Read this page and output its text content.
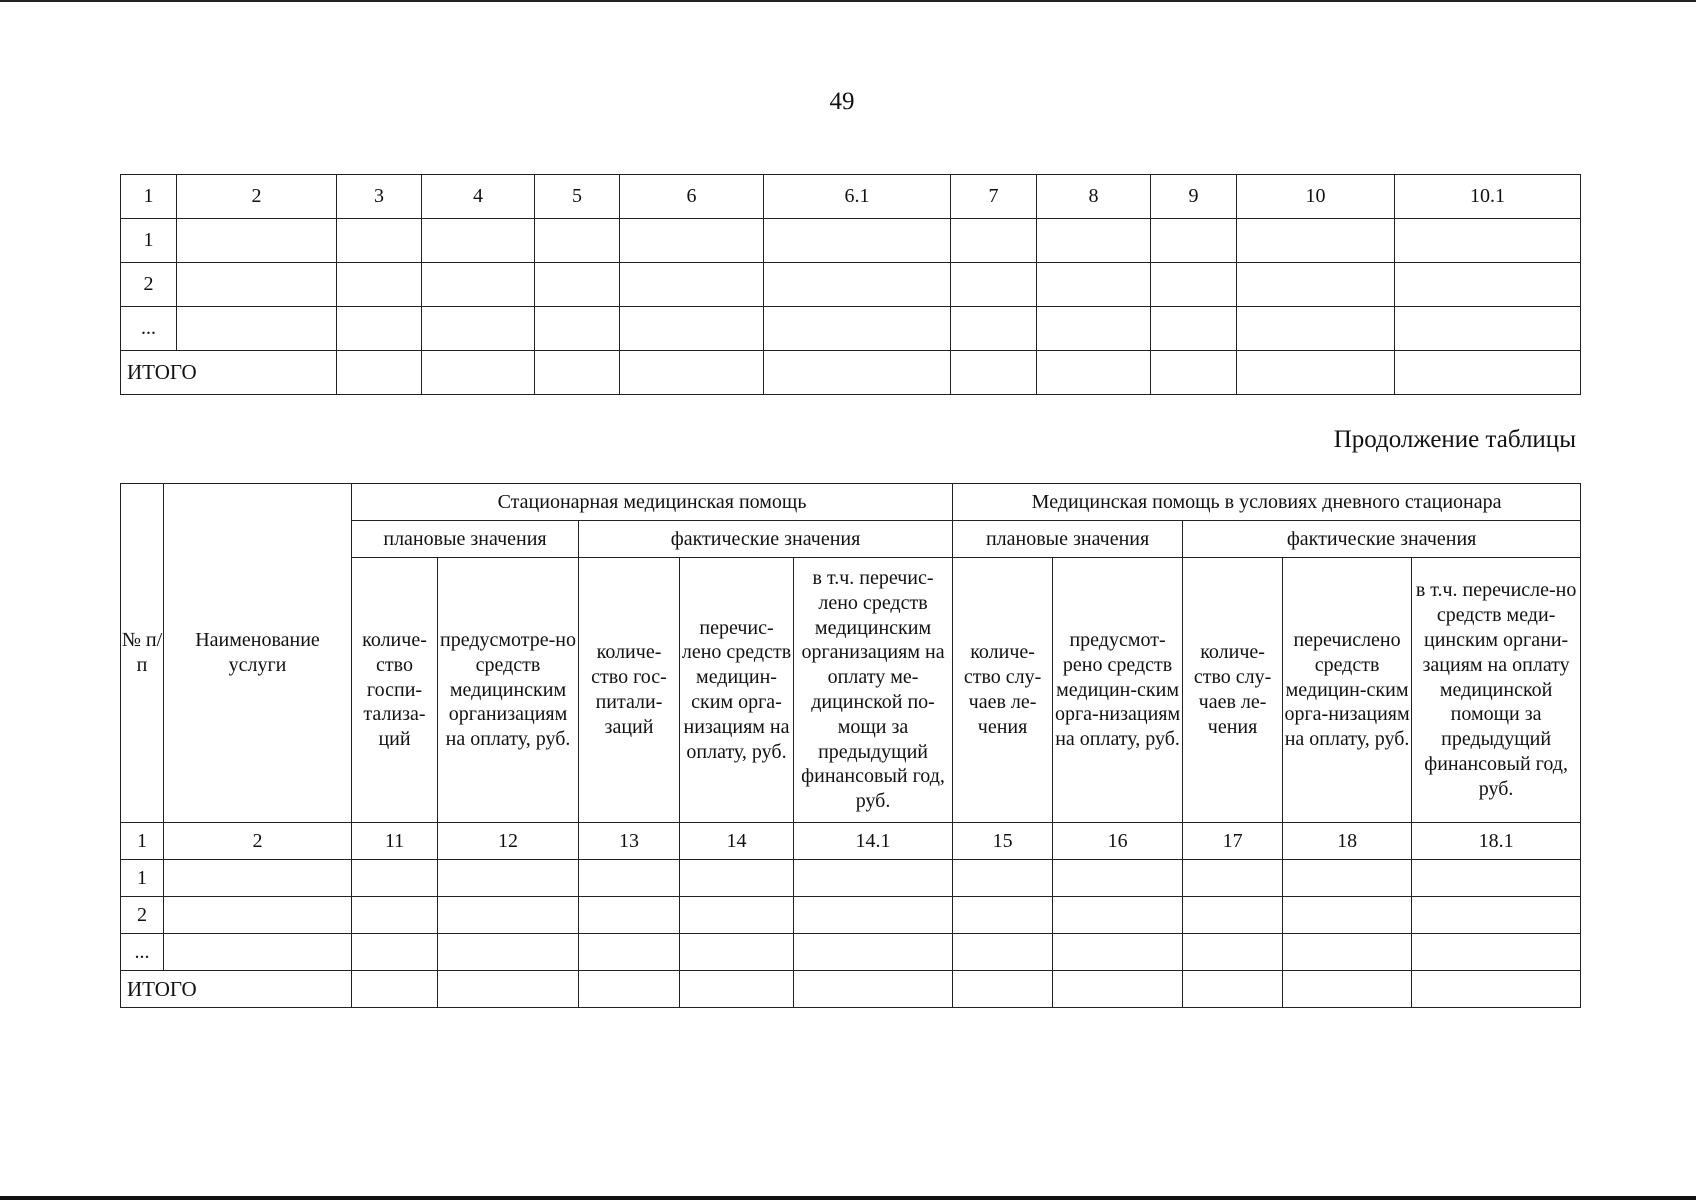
49
1	2	3	4	5	6	6.1	7	8	9	10	10.1
1											
2											
...											
ИТОГО											
Продолжение таблицы
№ п/п	Наименование услуги	Стационарная медицинская помощь					Медицинская помощь в условиях дневного стационара				
		плановые значения		фактические значения			плановые значения		фактические значения		
		количе-ство госпи-тализа-ций	предусмотре-но средств медицинским организациям на оплату, руб.	количе-ство гос-питали-заций	перечис-лено средств медицин-ским орга-низациям на оплату, руб.	в т.ч. перечис-лено средств медицинским организациям на оплату ме-дицинской по-мощи за предыдущий финансовый год, руб.	количе-ство слу-чаев ле-чения	предусмот-рено средств медицин-ским орга-низациям на оплату, руб.	количе-ство слу-чаев ле-чения	перечислено средств медицин-ским орга-низациям на оплату, руб.	в т.ч. перечисле-но средств меди-цинским органи-зациям на оплату медицинской помощи за предыдущий финансовый год, руб.
1	2	11	12	13	14	14.1	15	16	17	18	18.1
1											
2											
...											
ИТОГО											
